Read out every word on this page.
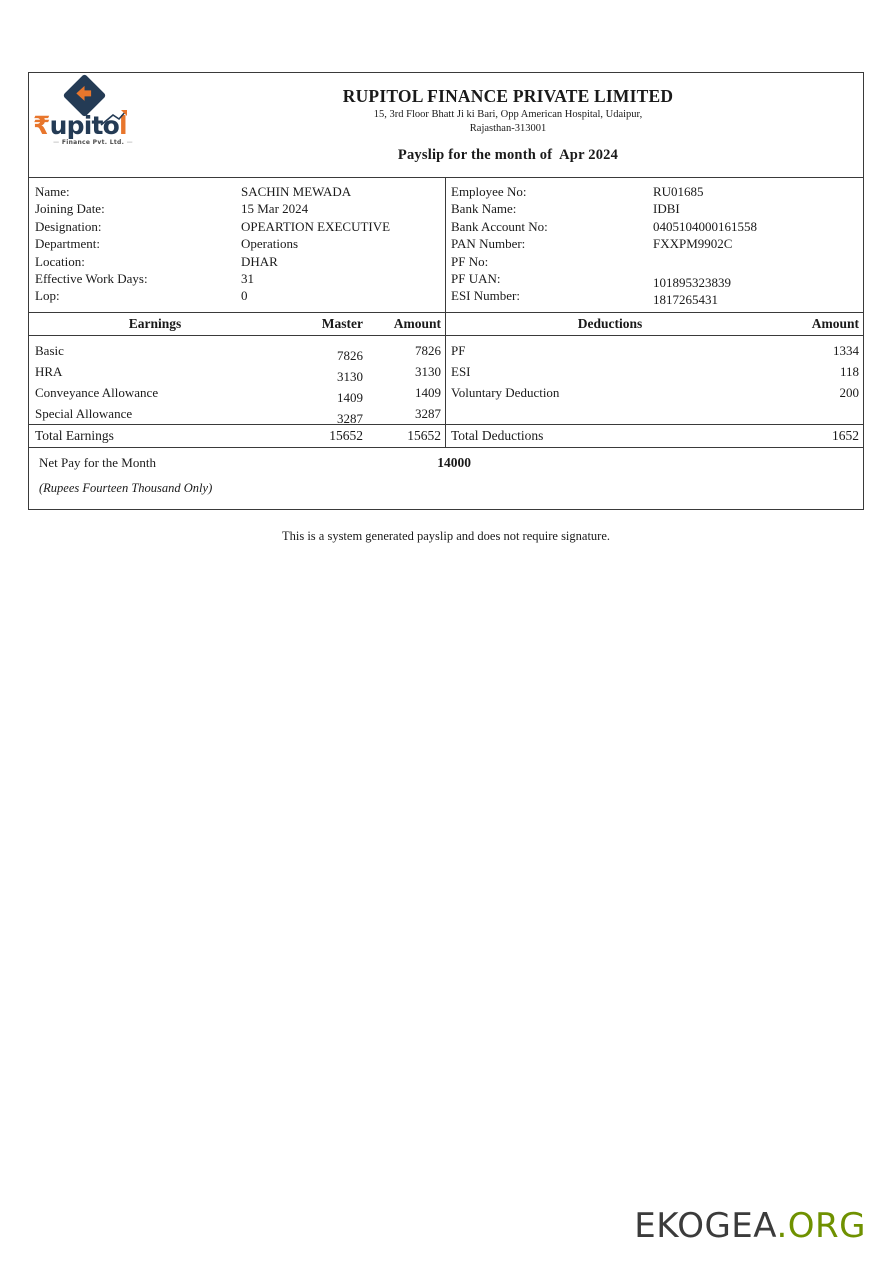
₹upitol
— Finance Pvt. Ltd. —
RUPITOL FINANCE PRIVATE LIMITED
15, 3rd Floor Bhatt Ji ki Bari, Opp American Hospital, Udaipur,
Rajasthan-313001
Payslip for the month of  Apr 2024
Name:	SACHIN MEWADA
Joining Date:	15 Mar 2024
Designation:	OPEARTION EXECUTIVE
Department:	Operations
Location:	DHAR
Effective Work Days:	31
Lop:	0
Employee No:	RU01685
Bank Name:	IDBI
Bank Account No:	0405104000161558
PAN Number:	FXXPM9902C
PF No:
PF UAN:	101895323839
ESI Number:	1817265431
Earnings	Master	Amount	Deductions	Amount
Basic	7826	7826
HRA	3130	3130
Conveyance Allowance	1409	1409
Special Allowance	3287	3287
PF	1334
ESI	118
Voluntary Deduction	200
Total Earnings	15652	15652 Total Deductions	1652
Net Pay for the Month	14000
(Rupees Fourteen Thousand Only)
This is a system generated payslip and does not require signature.
EKOGEA.ORG
